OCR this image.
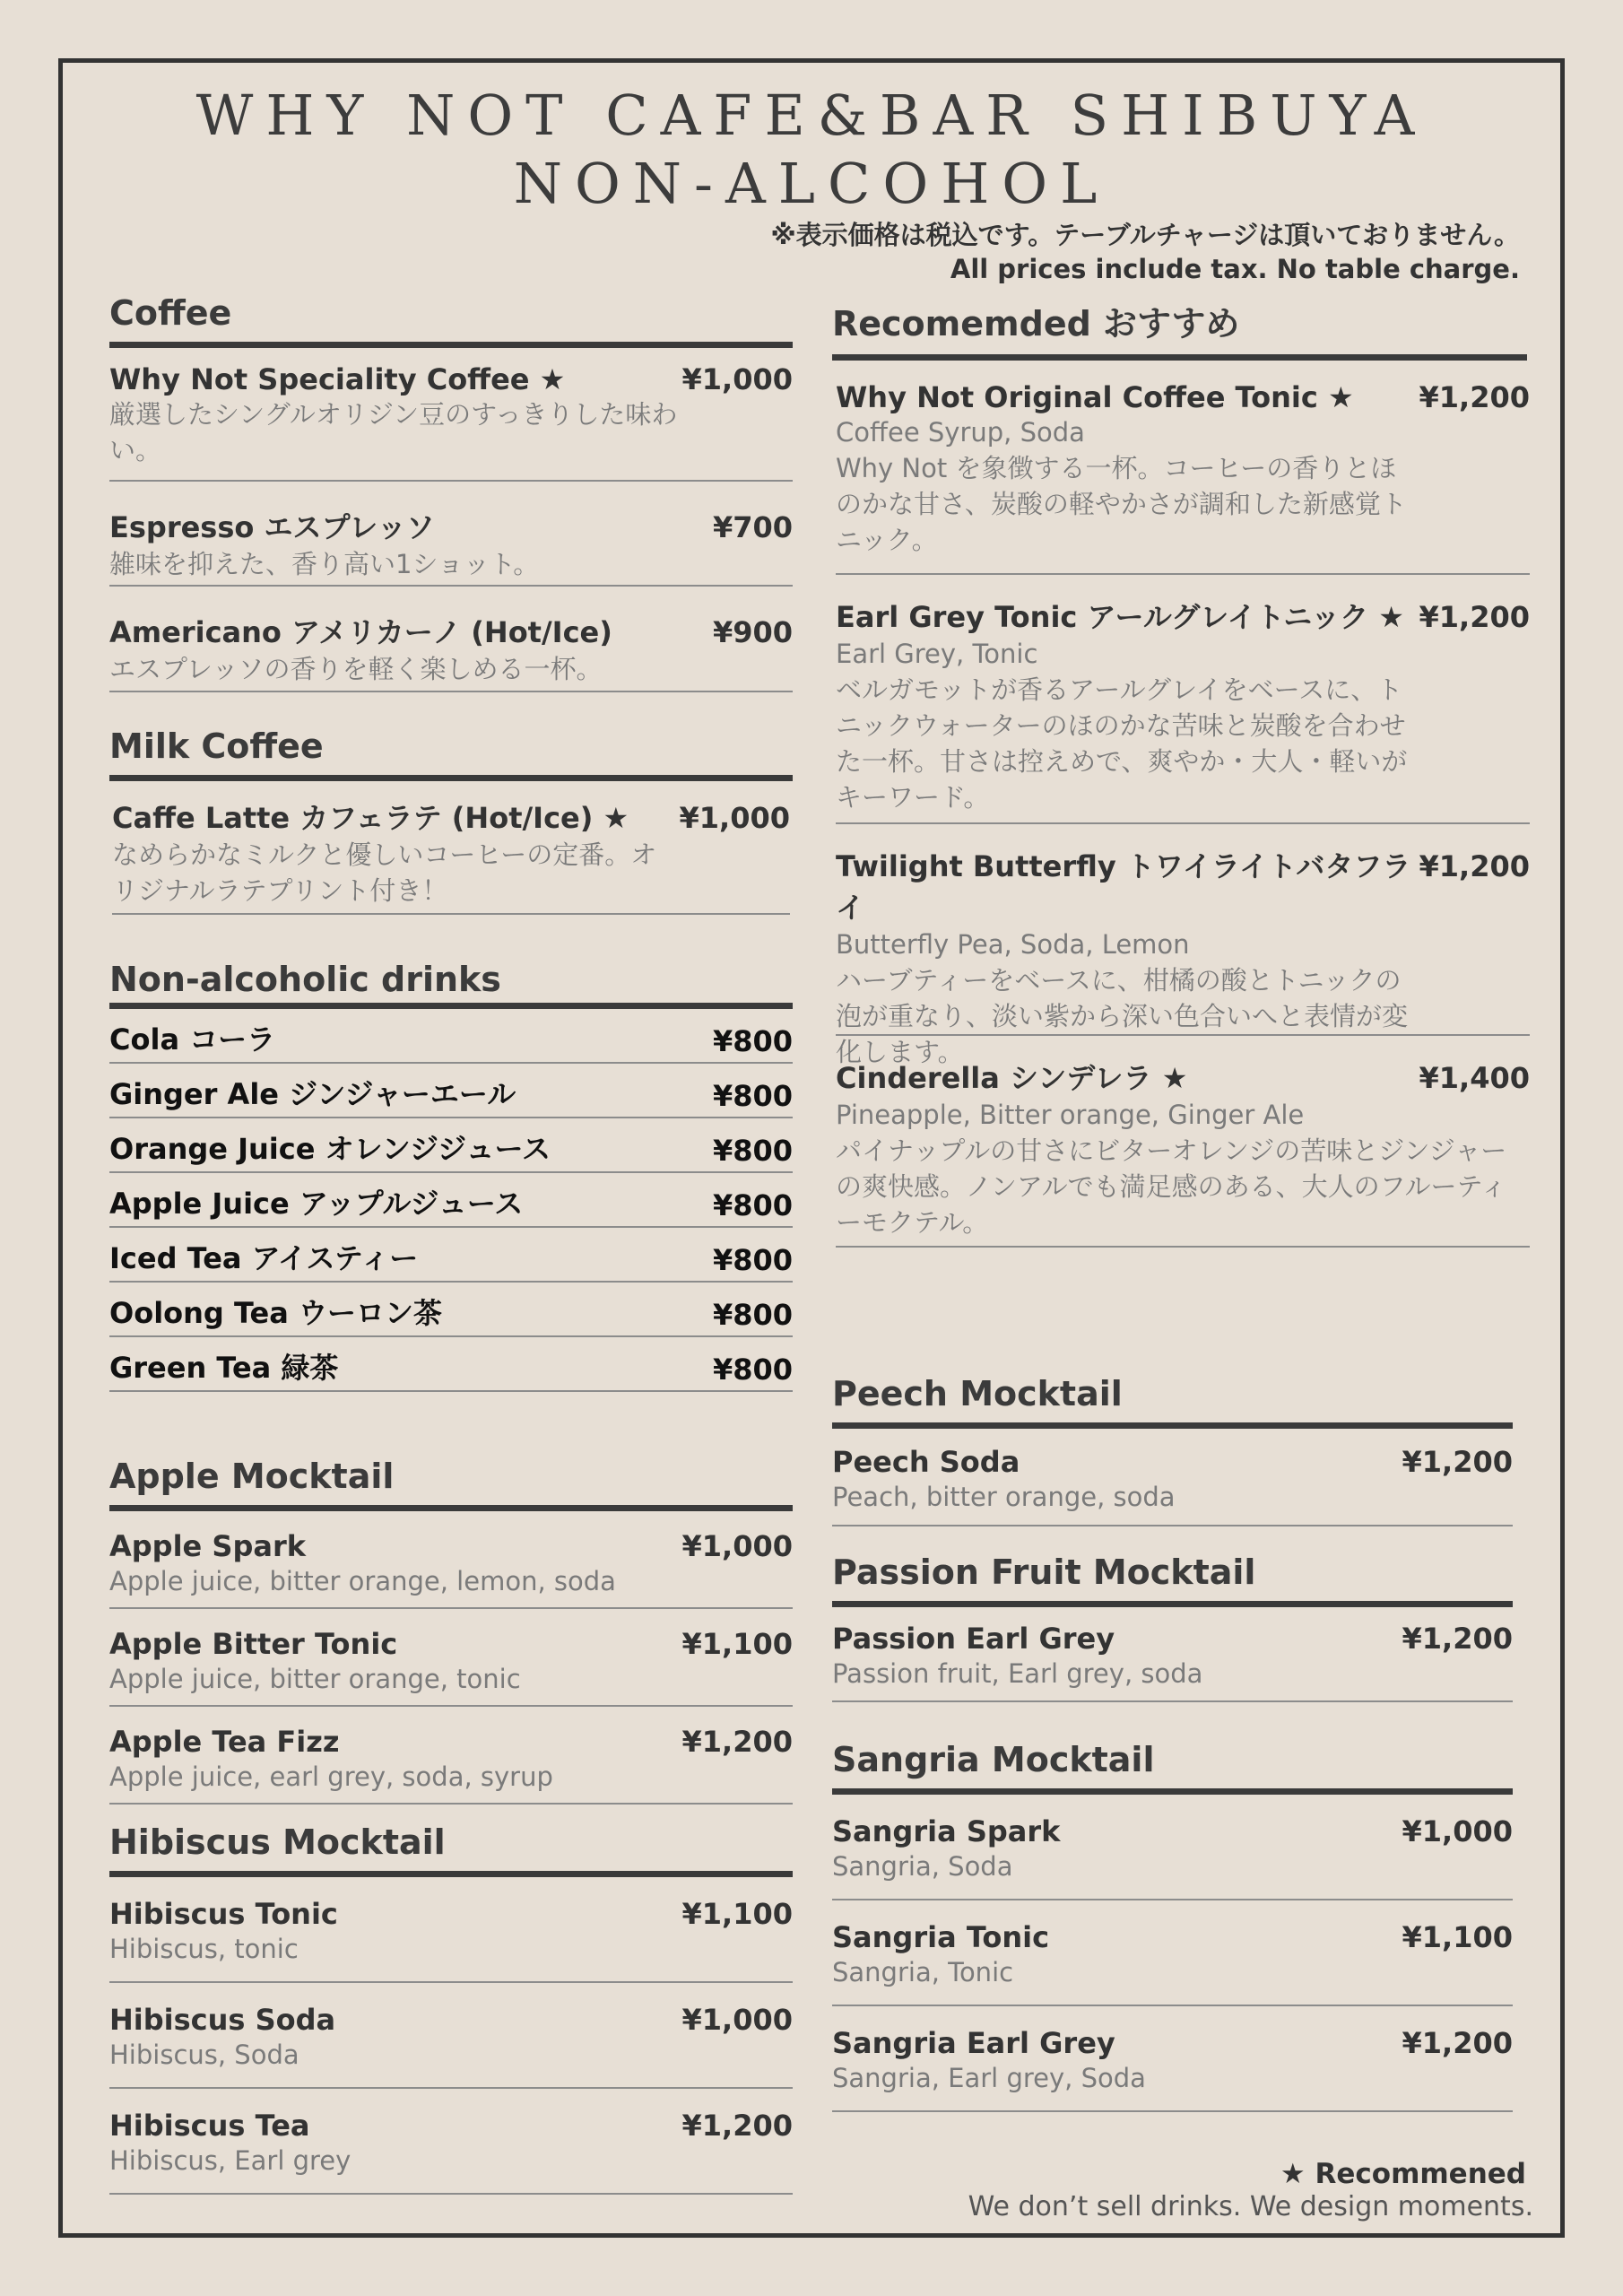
WHY NOT CAFE&BAR SHIBUYA
NON-ALCOHOL
※表示価格は税込です。テーブルチャージは頂いておりません。
All prices include tax. No table charge.
Coffee
Why Not Speciality Coffee ★	¥1,000
厳選したシングルオリジン豆のすっきりした味わい。
Espresso エスプレッソ	¥700
雑味を抑えた、香り高い1ショット。
Americano アメリカーノ (Hot/Ice)	¥900
エスプレッソの香りを軽く楽しめる一杯。
Milk Coffee
Caffe Latte カフェラテ (Hot/Ice) ★ ¥1,000
なめらかなミルクと優しいコーヒーの定番。オリジナルラテプリント付き！
Non-alcoholic drinks
Cola コーラ	¥800
Ginger Ale ジンジャーエール	¥800
Orange Juice オレンジジュース	¥800
Apple Juice アップルジュース	¥800
Iced Tea アイスティー	¥800
Oolong Tea ウーロン茶	¥800
Green Tea 緑茶	¥800
Apple Mocktail
Apple Spark	¥1,000
Apple juice, bitter orange, lemon, soda
Apple Bitter Tonic	¥1,100
Apple juice, bitter orange, tonic
Apple Tea Fizz	¥1,200
Apple juice, earl grey, soda, syrup
Hibiscus Mocktail
Hibiscus Tonic	¥1,100
Hibiscus, tonic
Hibiscus Soda	¥1,000
Hibiscus, Soda
Hibiscus Tea	¥1,200
Hibiscus, Earl grey
Recomemded おすすめ
Why Not Original Coffee Tonic ★ ¥1,200
Coffee Syrup, Soda
Why Not を象徴する一杯。コーヒーの香りとほのかな甘さ、炭酸の軽やかさが調和した新感覚トニック。
Earl Grey Tonic アールグレイトニック ★ ¥1,200
Earl Grey, Tonic
ベルガモットが香るアールグレイをベースに、トニックウォーターのほのかな苦味と炭酸を合わせた一杯。甘さは控えめで、爽やか・大人・軽いがキーワード。
Twilight Butterfly トワイライトバタフライ
¥1,200
Butterfly Pea, Soda, Lemon
ハーブティーをベースに、柑橘の酸とトニックの泡が重なり、淡い紫から深い色合いへと表情が変化します。
Cinderella シンデレラ ★	¥1,400
Pineapple, Bitter orange, Ginger Ale
パイナップルの甘さにビターオレンジの苦味とジンジャーの爽快感。ノンアルでも満足感のある、大人のフルーティーモクテル。
Peech Mocktail
Peech Soda	¥1,200
Peach, bitter orange, soda
Passion Fruit Mocktail
Passion Earl Grey	¥1,200
Passion fruit, Earl grey, soda
Sangria Mocktail
Sangria Spark	¥1,000
Sangria, Soda
Sangria Tonic	¥1,100
Sangria, Tonic
Sangria Earl Grey	¥1,200
Sangria, Earl grey, Soda
★ Recommened
We don’t sell drinks. We design moments.
